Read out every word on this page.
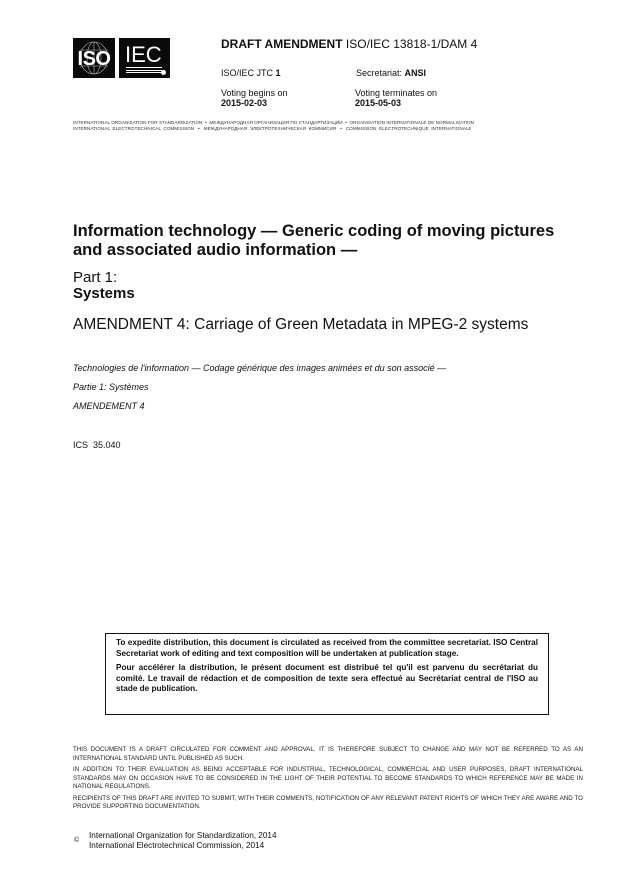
ISO IEC	DRAFT AMENDMENT ISO/IEC 13818-1/DAM 4
ISO/IEC JTC 1	Secretariat: ANSI
Voting begins on
2015-02-03
Voting terminates on
2015-05-03
INTERNATIONAL ORGANIZATION FOR STANDARDIZATION  •  МЕЖДУНАРОДНАЯ ОРГАНИЗАЦИЯ ПО СТАНДАРТИЗАЦИИ  •  ORGANISATION INTERNATIONALE DE NORMALISATION
INTERNATIONAL  ELECTROTECHNICAL  COMMISSION   •   МЕЖДУНАРОДНАЯ  ЭЛЕКТРОТЕХНИЧЕСКАЯ  КОММИСИЯ   •   COMMISSION  ÉLECTROTECHNIQUE  INTERNATIONALE
Information technology — Generic coding of moving pictures
and associated audio information —
Part 1:
Systems
AMENDMENT 4: Carriage of Green Metadata in MPEG-2 systems
Technologies de l'information — Codage générique des images animées et du son associé —
Partie 1: Systèmes
AMENDEMENT 4
ICS  35.040

To expedite distribution, this document is circulated as received from the committee secretariat. ISO Central Secretariat work of editing and text composition will be undertaken at publication stage.

Pour accélérer la distribution, le présent document est distribué tel qu'il est parvenu du secrétariat du comité. Le travail de rédaction et de composition de texte sera effectué au Secrétariat central de l'ISO au stade de publication.

THIS DOCUMENT IS A DRAFT CIRCULATED FOR COMMENT AND APPROVAL. IT IS THEREFORE SUBJECT TO CHANGE AND MAY NOT BE REFERRED TO AS AN INTERNATIONAL STANDARD UNTIL PUBLISHED AS SUCH.

IN ADDITION TO THEIR EVALUATION AS BEING ACCEPTABLE FOR INDUSTRIAL, TECHNOLOGICAL, COMMERCIAL AND USER PURPOSES, DRAFT INTERNATIONAL STANDARDS MAY ON OCCASION HAVE TO BE CONSIDERED IN THE LIGHT OF THEIR POTENTIAL TO BECOME STANDARDS TO WHICH REFERENCE MAY BE MADE IN NATIONAL REGULATIONS.

RECIPIENTS OF THIS DRAFT ARE INVITED TO SUBMIT, WITH THEIR COMMENTS, NOTIFICATION OF ANY RELEVANT PATENT RIGHTS OF WHICH THEY ARE AWARE AND TO PROVIDE SUPPORTING DOCUMENTATION.

©
International Organization for Standardization, 2014
International Electrotechnical Commission, 2014
